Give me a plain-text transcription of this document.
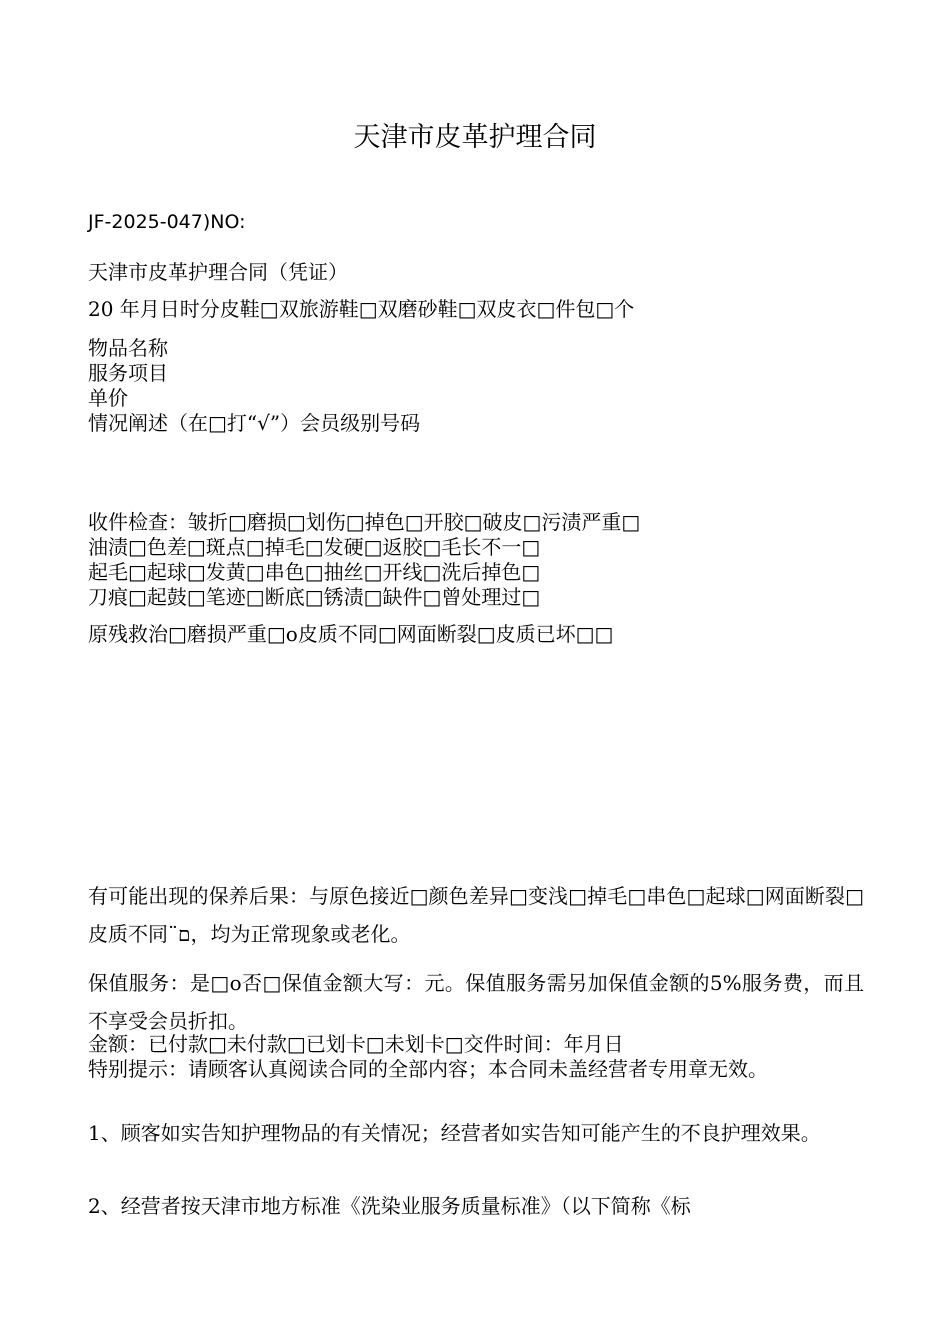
天津市皮革护理合同
JF-2025-047)NO:
天津市皮革护理合同（凭证）
20 年月日时分皮鞋□双旅游鞋□双磨砂鞋□双皮衣□件包□个
物品名称
服务项目
单价
情况阐述（在□打“√”）会员级别号码
收件检查：皱折□磨损□划伤□掉色□开胶□破皮□污渍严重□
油渍□色差□斑点□掉毛□发硬□返胶□毛长不一□
起毛□起球□发黄□串色□抽丝□开线□洗后掉色□
刀痕□起鼓□笔迹□断底□锈渍□缺件□曾处理过□
原残救治□磨损严重□o皮质不同□网面断裂□皮质已坏□□
有可能出现的保养后果：与原色接近□颜色差异□变浅□掉毛□串色□起球□网面断裂□皮质不同¨ם，均为正常现象或老化。
保值服务：是□o否□保值金额大写：元。保值服务需另加保值金额的5%服务费，而且不享受会员折扣。
金额：已付款□未付款□已划卡□未划卡□交件时间：年月日
特别提示：请顾客认真阅读合同的全部内容；本合同未盖经营者专用章无效。
1、顾客如实告知护理物品的有关情况；经营者如实告知可能产生的不良护理效果。
2、经营者按天津市地方标准《洗染业服务质量标准》（以下简称《标
